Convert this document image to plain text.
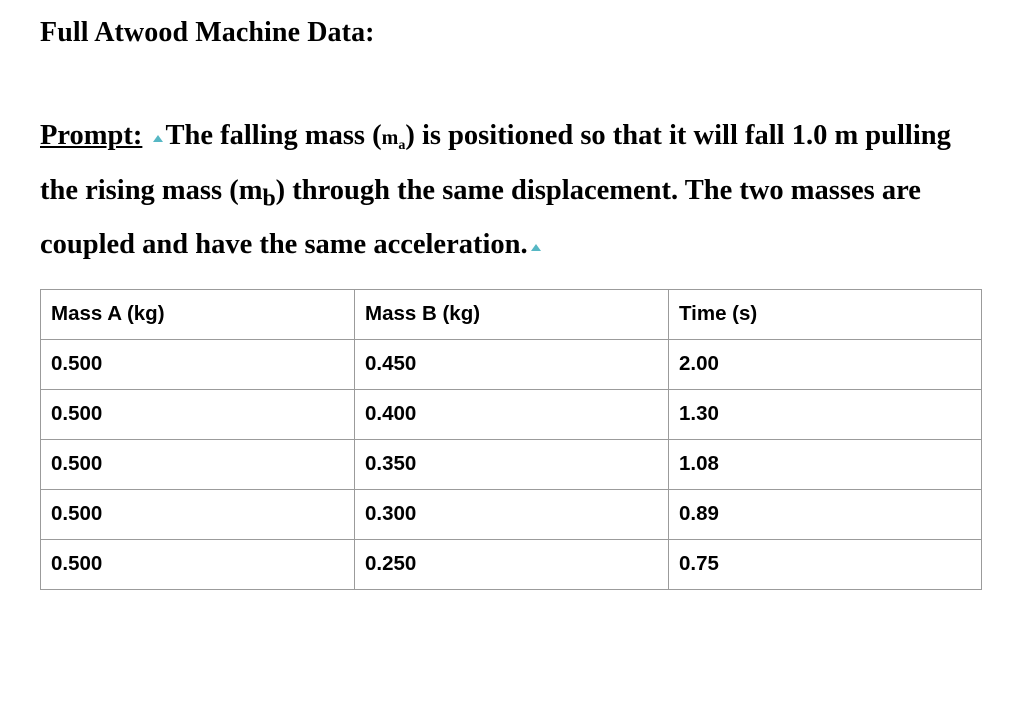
Full Atwood Machine Data:

Prompt: The falling mass $(m_a)$ is positioned so that it will fall 1.0 m pulling the rising mass $(m_b)$ through the same displacement. The two masses are coupled and have the same acceleration.

Mass A (kg)	Mass B (kg)	Time (s)
0.500	0.450	2.00
0.500	0.400	1.30
0.500	0.350	1.08
0.500	0.300	0.89
0.500	0.250	0.75
